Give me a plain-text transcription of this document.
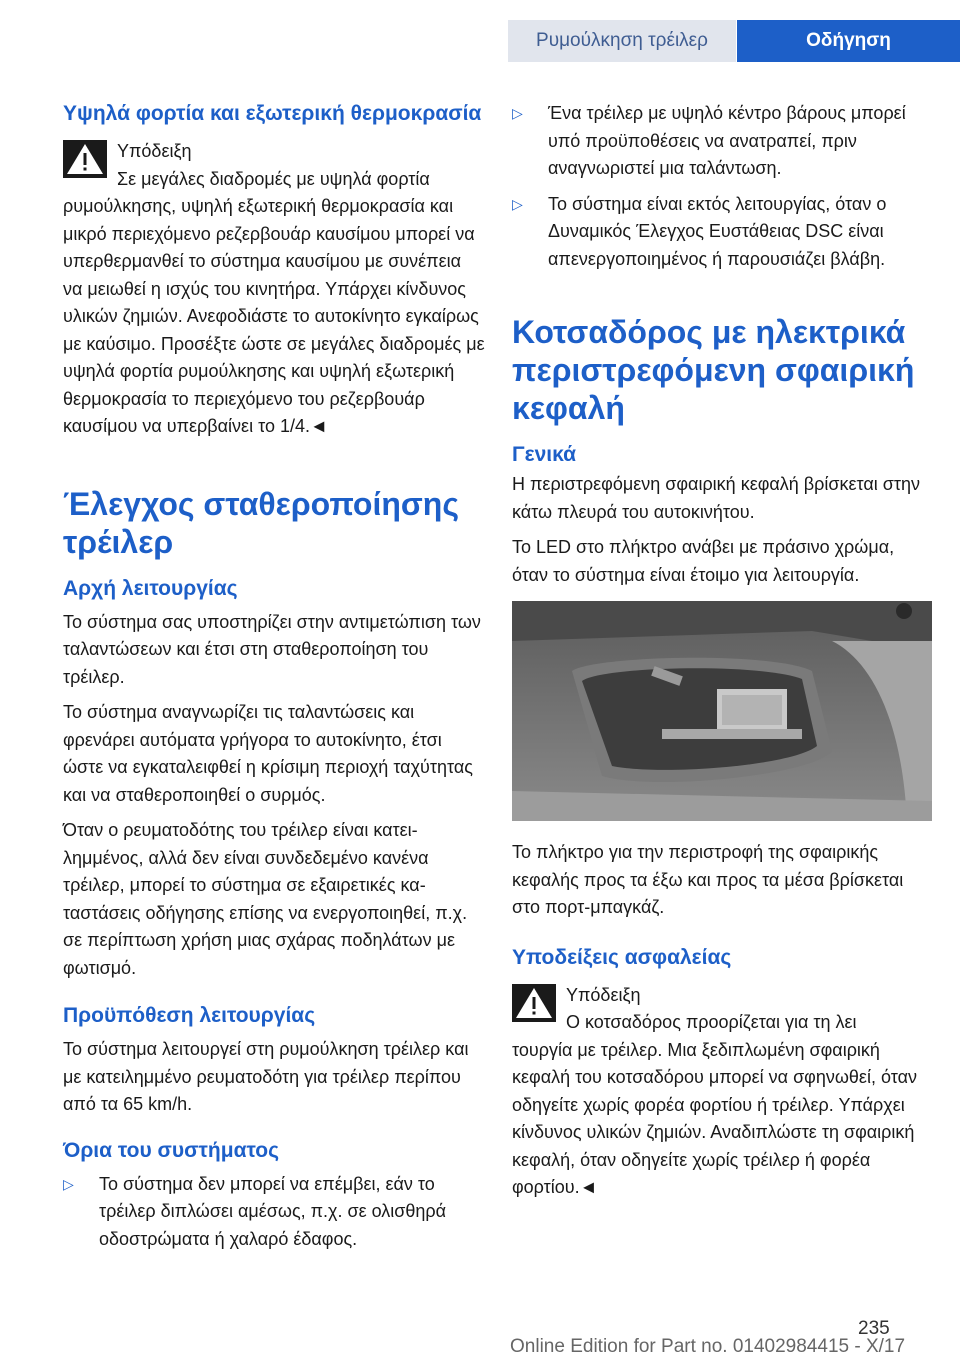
Ρυμούλκηση τρέιλερ	Οδήγηση
Υψηλά φορτία και εξωτερική θερμοκρασία

Υπόδειξη

Σε μεγάλες διαδρομές με υψηλά φορτία

ρυμούλκησης, υψηλή εξωτερική θερμοκρασία και μικρό περιεχόμενο ρεζερβουάρ καυσίμου μπορεί να υπερθερμανθεί το σύστημα καυσίμου με συνέπεια να μειωθεί η ισχύς του κινητήρα. Υπάρχει κίνδυνος υλικών ζημιών. Ανεφοδιάστε το αυτοκίνητο εγκαίρως με καύσιμο. Προσέξτε ώστε σε μεγάλες διαδρομές με υψηλά φορτία ρυμούλκησης και υψηλή εξωτερική θερμοκρασία το περιεχόμενο του ρεζερβουάρ καυσίμου να υπερβαίνει το 1/4.◄

Έλεγχος σταθεροποίησης τρέιλερ
Αρχή λειτουργίας

Το σύστημα σας υποστηρίζει στην αντιμετώπιση των ταλαντώσεων και έτσι στη σταθεροποίηση του τρέιλερ.

Το σύστημα αναγνωρίζει τις ταλαντώσεις και φρενάρει αυτόματα γρήγορα το αυτοκίνητο, έτσι ώστε να εγκαταλειφθεί η κρίσιμη περιοχή ταχύτητας και να σταθεροποιηθεί ο συρμός.

Όταν ο ρευματοδότης του τρέιλερ είναι κατειλημμένος, αλλά δεν είναι συνδεδεμένο κανένα τρέιλερ, μπορεί το σύστημα σε εξαιρετικές καταστάσεις οδήγησης επίσης να ενεργοποιηθεί, π.χ. σε περίπτωση χρήση μιας σχάρας ποδηλάτων με φωτισμό.

Προϋπόθεση λειτουργίας

Το σύστημα λειτουργεί στη ρυμούλκηση τρέιλερ και με κατειλημμένο ρευματοδότη για τρέιλερ περίπου από τα 65 km/h.

Όρια του συστήματος
▷	Το σύστημα δεν μπορεί να επέμβει, εάν το τρέιλερ διπλώσει αμέσως, π.χ. σε ολισθηρά οδοστρώματα ή χαλαρό έδαφος.
▷	Ένα τρέιλερ με υψηλό κέντρο βάρους μπορεί υπό προϋποθέσεις να ανατραπεί, πριν αναγνωριστεί μια ταλάντωση.
▷	Το σύστημα είναι εκτός λειτουργίας, όταν ο Δυναμικός Έλεγχος Ευστάθειας DSC είναι απενεργοποιημένος ή παρουσιάζει βλάβη.
Κοτσαδόρος με ηλεκτρικά περιστρεφόμενη σφαιρική κεφαλή
Γενικά

Η περιστρεφόμενη σφαιρική κεφαλή βρίσκεται στην κάτω πλευρά του αυτοκινήτου.

Το LED στο πλήκτρο ανάβει με πράσινο χρώμα, όταν το σύστημα είναι έτοιμο για λειτουργία.

Το πλήκτρο για την περιστροφή της σφαιρικής κεφαλής προς τα έξω και προς τα μέσα βρίσκεται στο πορτ-μπαγκάζ.

Υποδείξεις ασφαλείας

Υπόδειξη

Ο κοτσαδόρος προορίζεται για τη λει

τουργία με τρέιλερ. Μια ξεδιπλωμένη σφαιρική κεφαλή του κοτσαδόρου μπορεί να σφηνωθεί, όταν οδηγείτε χωρίς φορέα φορτίου ή τρέιλερ. Υπάρχει κίνδυνος υλικών ζημιών. Αναδιπλώστε τη σφαιρική κεφαλή, όταν οδηγείτε χωρίς τρέιλερ ή φορέα φορτίου.◄

235
Online Edition for Part no. 01402984415 - X/17
